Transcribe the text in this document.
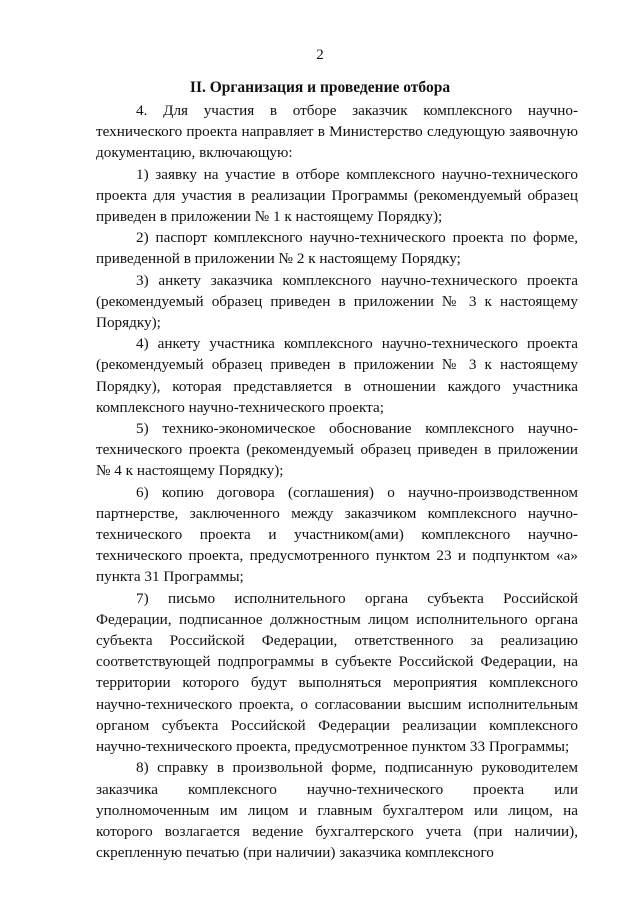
2
II. Организация и проведение отбора

4. Для участия в отборе заказчик комплексного научно-технического проекта направляет в Министерство следующую заявочную документацию, включающую:

1) заявку на участие в отборе комплексного научно-технического проекта для участия в реализации Программы (рекомендуемый образец приведен в приложении № 1 к настоящему Порядку);

2) паспорт комплексного научно-технического проекта по форме, приведенной в приложении № 2 к настоящему Порядку;

3) анкету заказчика комплексного научно-технического проекта (рекомендуемый образец приведен в приложении № 3 к настоящему Порядку);

4) анкету участника комплексного научно-технического проекта (рекомендуемый образец приведен в приложении № 3 к настоящему Порядку), которая представляется в отношении каждого участника комплексного научно-технического проекта;

5) технико-экономическое обоснование комплексного научно-технического проекта (рекомендуемый образец приведен в приложении № 4 к настоящему Порядку);

6) копию договора (соглашения) о научно-производственном партнерстве, заключенного между заказчиком комплексного научно-технического проекта и участником(ами) комплексного научно-технического проекта, предусмотренного пунктом 23 и подпунктом «а» пункта 31 Программы;

7) письмо исполнительного органа субъекта Российской Федерации, подписанное должностным лицом исполнительного органа субъекта Российской Федерации, ответственного за реализацию соответствующей подпрограммы в субъекте Российской Федерации, на территории которого будут выполняться мероприятия комплексного научно-технического проекта, о согласовании высшим исполнительным органом субъекта Российской Федерации реализации комплексного научно-технического проекта, предусмотренное пунктом 33 Программы;

8) справку в произвольной форме, подписанную руководителем заказчика комплексного научно-технического проекта или уполномоченным им лицом и главным бухгалтером или лицом, на которого возлагается ведение бухгалтерского учета (при наличии), скрепленную печатью (при наличии) заказчика комплексного
